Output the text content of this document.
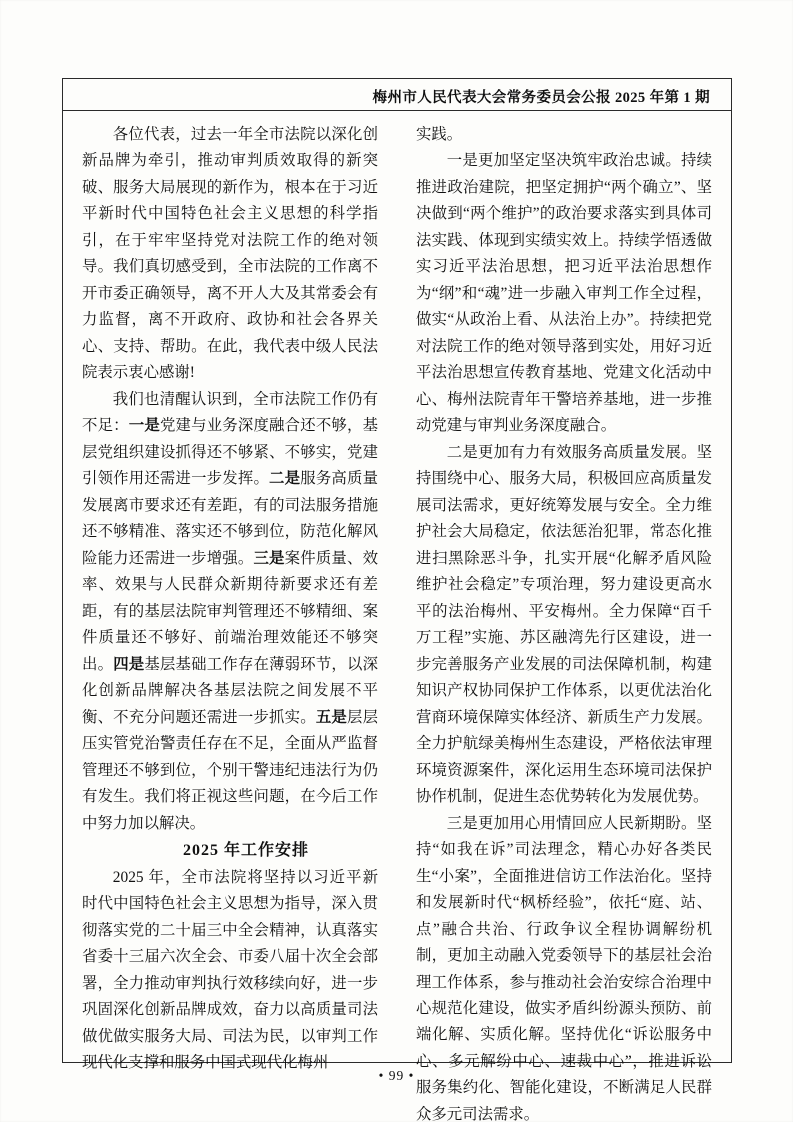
梅州市人民代表大会常务委员会公报 2025 年第 1 期

各位代表，过去一年全市法院以深化创新品牌为牵引，推动审判质效取得的新突破、服务大局展现的新作为，根本在于习近平新时代中国特色社会主义思想的科学指引，在于牢牢坚持党对法院工作的绝对领导。我们真切感受到，全市法院的工作离不开市委正确领导，离不开人大及其常委会有力监督，离不开政府、政协和社会各界关心、支持、帮助。在此，我代表中级人民法院表示衷心感谢!

我们也清醒认识到，全市法院工作仍有不足：一是党建与业务深度融合还不够，基层党组织建设抓得还不够紧、不够实，党建引领作用还需进一步发挥。二是服务高质量发展离市要求还有差距，有的司法服务措施还不够精准、落实还不够到位，防范化解风险能力还需进一步增强。三是案件质量、效率、效果与人民群众新期待新要求还有差距，有的基层法院审判管理还不够精细、案件质量还不够好、前端治理效能还不够突出。四是基层基础工作存在薄弱环节，以深化创新品牌解决各基层法院之间发展不平衡、不充分问题还需进一步抓实。五是层层压实管党治警责任存在不足，全面从严监督管理还不够到位，个别干警违纪违法行为仍有发生。我们将正视这些问题，在今后工作中努力加以解决。

2025 年工作安排

2025 年，全市法院将坚持以习近平新时代中国特色社会主义思想为指导，深入贯彻落实党的二十届三中全会精神，认真落实省委十三届六次全会、市委八届十次全会部署，全力推动审判执行效移续向好，进一步巩固深化创新品牌成效，奋力以高质量司法做优做实服务大局、司法为民，以审判工作现代化支撑和服务中国式现代化梅州

实践。

一是更加坚定坚决筑牢政治忠诚。持续推进政治建院，把坚定拥护“两个确立”、坚决做到“两个维护”的政治要求落实到具体司法实践、体现到实绩实效上。持续学悟透做实习近平法治思想，把习近平法治思想作为“纲”和“魂”进一步融入审判工作全过程，做实“从政治上看、从法治上办”。持续把党对法院工作的绝对领导落到实处，用好习近平法治思想宣传教育基地、党建文化活动中心、梅州法院青年干警培养基地，进一步推动党建与审判业务深度融合。

二是更加有力有效服务高质量发展。坚持围绕中心、服务大局，积极回应高质量发展司法需求，更好统筹发展与安全。全力维护社会大局稳定，依法惩治犯罪，常态化推进扫黑除恶斗争，扎实开展“化解矛盾风险　维护社会稳定”专项治理，努力建设更高水平的法治梅州、平安梅州。全力保障“百千万工程”实施、苏区融湾先行区建设，进一步完善服务产业发展的司法保障机制，构建知识产权协同保护工作体系，以更优法治化营商环境保障实体经济、新质生产力发展。全力护航绿美梅州生态建设，严格依法审理环境资源案件，深化运用生态环境司法保护协作机制，促进生态优势转化为发展优势。

三是更加用心用情回应人民新期盼。坚持“如我在诉”司法理念，精心办好各类民生“小案”，全面推进信访工作法治化。坚持和发展新时代“枫桥经验”，依托“庭、站、点”融合共治、行政争议全程协调解纷机制，更加主动融入党委领导下的基层社会治理工作体系，参与推动社会治安综合治理中心规范化建设，做实矛盾纠纷源头预防、前端化解、实质化解。坚持优化“诉讼服务中心、多元解纷中心、速裁中心”，推进诉讼服务集约化、智能化建设，不断满足人民群众多元司法需求。

• 99 •
